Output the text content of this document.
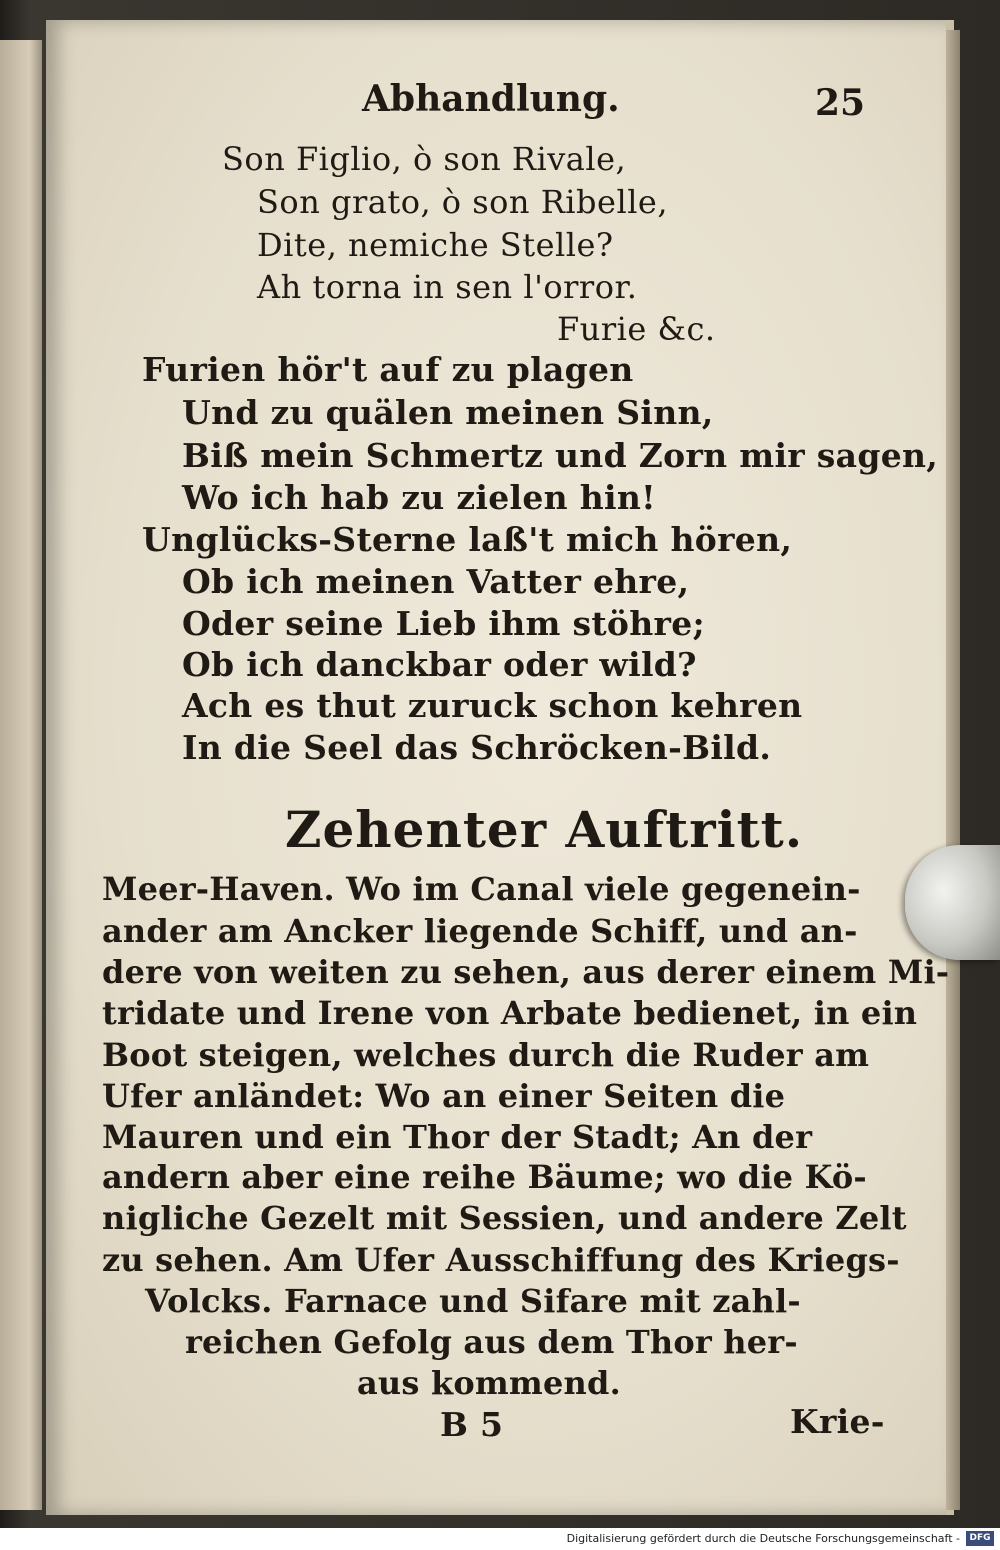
Abhandlung.	25
Son Figlio, ò son Rivale,
Son grato, ò son Ribelle,
Dite, nemiche Stelle?
Ah torna in sen l'orror.
Furie &c.
Furien hör't auf zu plagen
Und zu quälen meinen Sinn,
Biß mein Schmertz und Zorn mir sagen,
Wo ich hab zu zielen hin!
Unglücks-Sterne laß't mich hören,
Ob ich meinen Vatter ehre,
Oder seine Lieb ihm stöhre;
Ob ich danckbar oder wild?
Ach es thut zuruck schon kehren
In die Seel das Schröcken-Bild.
Zehenter Auftritt.
Meer-Haven. Wo im Canal viele gegenein-
ander am Ancker liegende Schiff, und an-
dere von weiten zu sehen, aus derer einem Mi-
tridate und Irene von Arbate bedienet, in ein
Boot steigen, welches durch die Ruder am
Ufer anländet: Wo an einer Seiten die
Mauren und ein Thor der Stadt; An der
andern aber eine reihe Bäume; wo die Kö-
nigliche Gezelt mit Sessien, und andere Zelt
zu sehen. Am Ufer Ausschiffung des Kriegs-
Volcks. Farnace und Sifare mit zahl-
reichen Gefolg aus dem Thor her-
aus kommend.
B 5	Krie-
Digitalisierung gefördert durch die Deutsche Forschungsgemeinschaft -	DFG
